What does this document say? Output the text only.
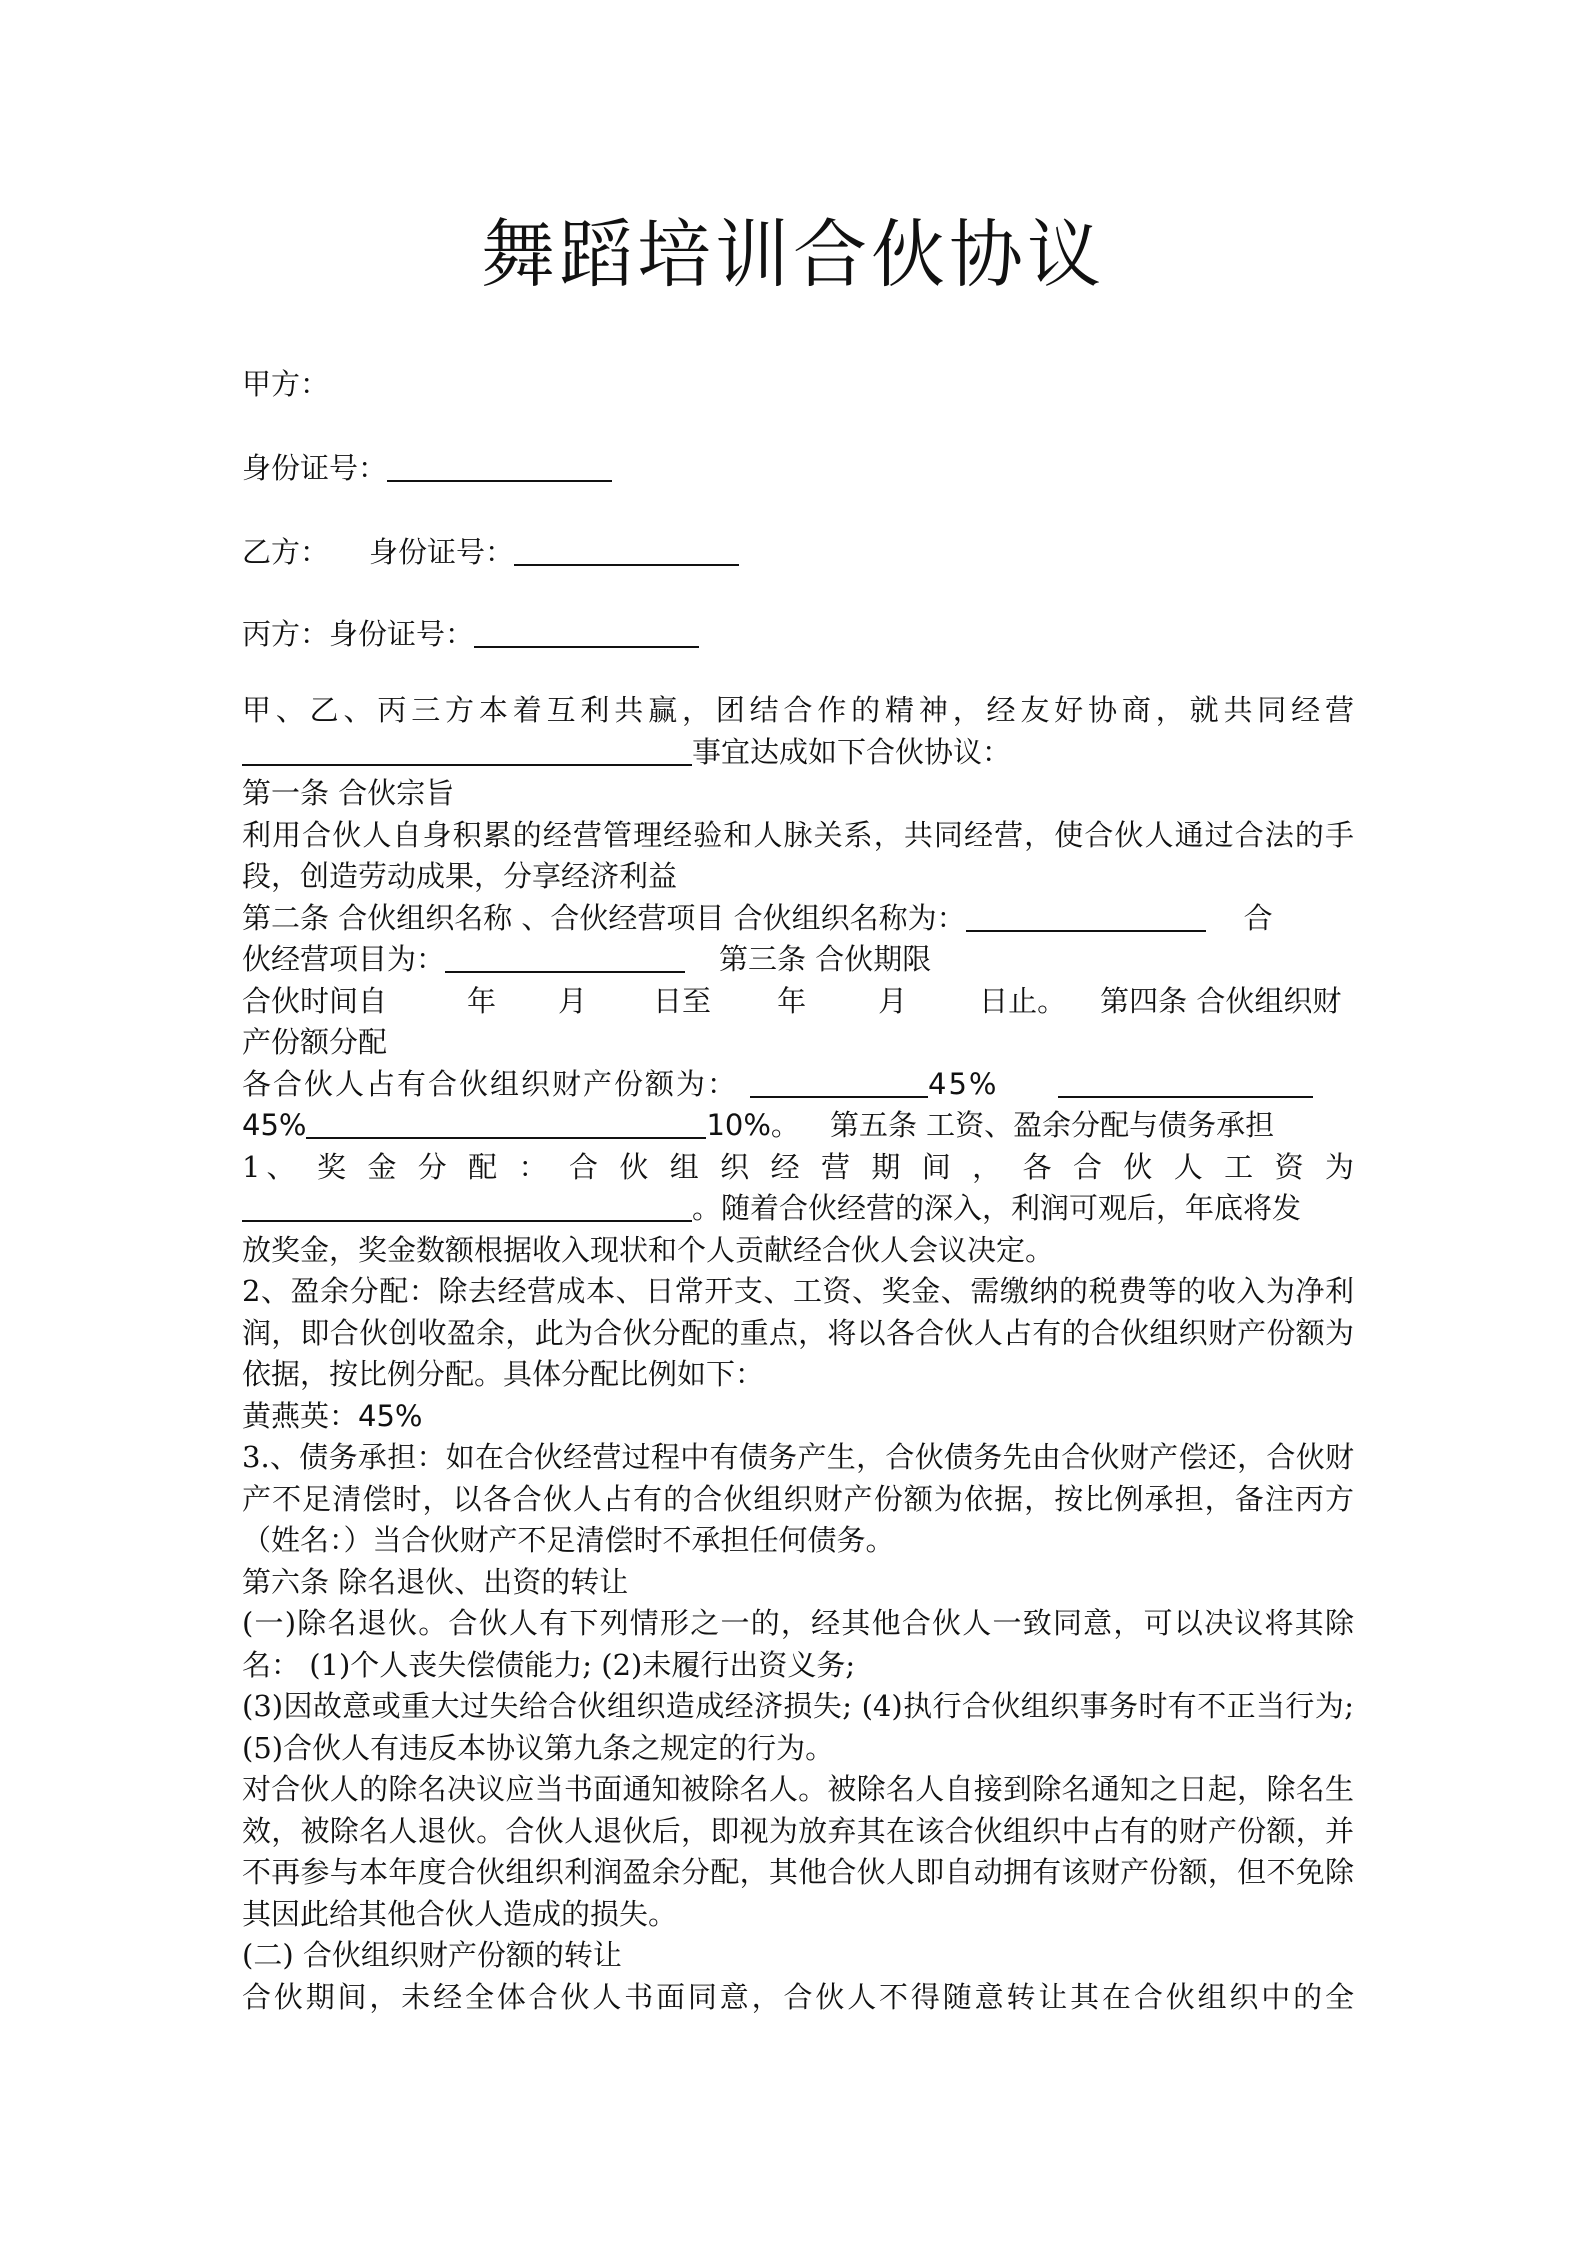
舞蹈培训合伙协议
甲方：
身份证号：
乙方： 身份证号：
丙方：身份证号：

甲、乙、丙三方本着互利共赢，团结合作的精神，经友好协商，就共同经营

事宜达成如下合伙协议：

第一条 合伙宗旨

利用合伙人自身积累的经营管理经验和人脉关系，共同经营，使合伙人通过合法的手段，创造劳动成果，分享经济利益

第二条 合伙组织名称 、合伙经营项目 合伙组织名称为：	合

伙经营项目为：	第三条 合伙期限

合伙时间自	年 月 日至 年 月 日止。 第四条 合伙组织财

产份额分配

各合伙人占有合伙组织财产份额为：	45%

45%	10%。 第五条 工资、盈余分配与债务承担

1、 奖 金 分 配 ： 合 伙 组 织 经 营 期 间 ， 各 合 伙 人 工 资 为

。随着合伙经营的深入，利润可观后，年底将发

放奖金，奖金数额根据收入现状和个人贡献经合伙人会议决定。

2、盈余分配：除去经营成本、日常开支、工资、奖金、需缴纳的税费等的收入为净利润，即合伙创收盈余，此为合伙分配的重点，将以各合伙人占有的合伙组织财产份额为依据，按比例分配。具体分配比例如下：

黄燕英：45%

3.、债务承担：如在合伙经营过程中有债务产生，合伙债务先由合伙财产偿还，合伙财产不足清偿时，以各合伙人占有的合伙组织财产份额为依据，按比例承担，备注丙方（姓名：）当合伙财产不足清偿时不承担任何债务。

第六条 除名退伙、出资的转让

(一)除名退伙。合伙人有下列情形之一的，经其他合伙人一致同意，可以决议将其除名： (1)个人丧失偿债能力; (2)未履行出资义务;

(3)因故意或重大过失给合伙组织造成经济损失; (4)执行合伙组织事务时有不正当行为; (5)合伙人有违反本协议第九条之规定的行为。

对合伙人的除名决议应当书面通知被除名人。被除名人自接到除名通知之日起，除名生效，被除名人退伙。合伙人退伙后，即视为放弃其在该合伙组织中占有的财产份额，并不再参与本年度合伙组织利润盈余分配，其他合伙人即自动拥有该财产份额，但不免除其因此给其他合伙人造成的损失。

(二) 合伙组织财产份额的转让

合伙期间，未经全体合伙人书面同意，合伙人不得随意转让其在合伙组织中的全
